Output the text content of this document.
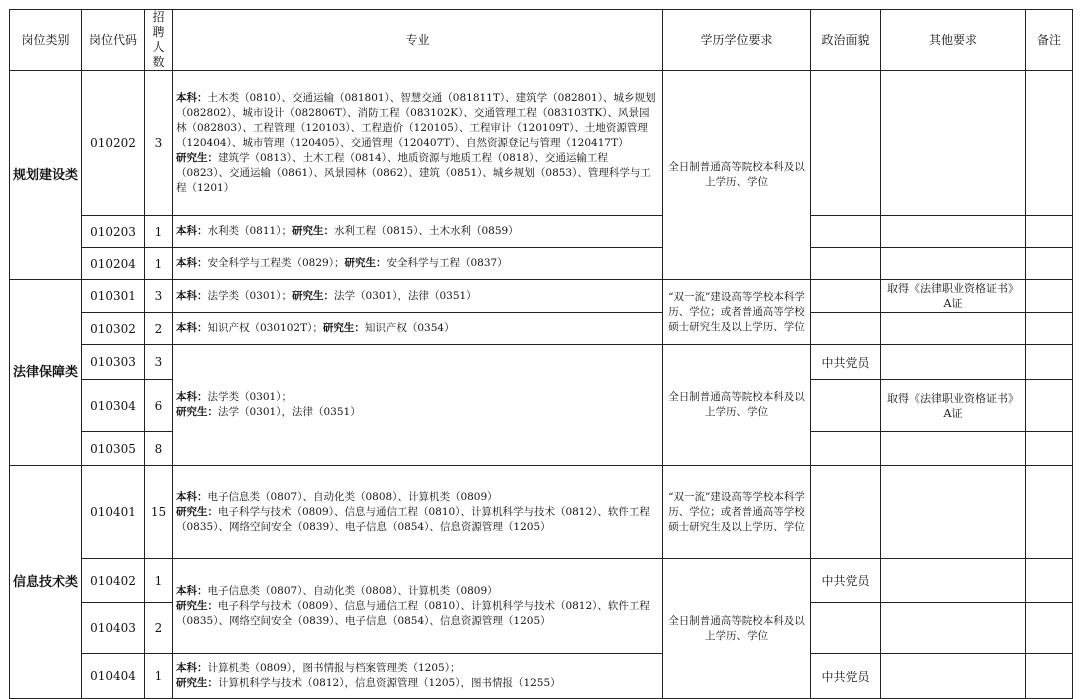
岗位类别	岗位代码	招聘人数	专业	学历学位要求	政治面貌	其他要求	备注
规划建设类	010202	3	本科：土木类（0810）、交通运输（081801）、智慧交通（081811T）、建筑学（082801）、城乡规划（082802）、城市设计（082806T）、消防工程（083102K）、交通管理工程（083103TK）、风景园林（082803）、工程管理（120103）、工程造价（120105）、工程审计（120109T）、土地资源管理（120404）、城市管理（120405）、交通管理（120407T）、自然资源登记与管理（120417T）
研究生：建筑学（0813）、土木工程（0814）、地质资源与地质工程（0818）、交通运输工程（0823）、交通运输（0861）、风景园林（0862）、建筑（0851）、城乡规划（0853）、管理科学与工程（1201）	全日制普通高等院校本科及以上学历、学位			
	010203	1	本科：水利类（0811）；研究生：水利工程（0815）、土木水利（0859）				
	010204	1	本科：安全科学与工程类（0829）；研究生：安全科学与工程（0837）				
法律保障类	010301	3	本科：法学类（0301）；研究生：法学（0301），法律（0351）	“双一流”建设高等学校本科学历、学位；或者普通高等学校硕士研究生及以上学历、学位		取得《法律职业资格证书》A证	
	010302	2	本科：知识产权（030102T）；研究生：知识产权（0354）				
	010303	3	本科：法学类（0301）；
研究生：法学（0301），法律（0351）	全日制普通高等院校本科及以上学历、学位	中共党员		
	010304	6				取得《法律职业资格证书》A证	
	010305	8					
信息技术类	010401	15	本科：电子信息类（0807）、自动化类（0808）、计算机类（0809）
研究生：电子科学与技术（0809）、信息与通信工程（0810）、计算机科学与技术（0812）、软件工程（0835）、网络空间安全（0839）、电子信息（0854）、信息资源管理（1205）	“双一流”建设高等学校本科学历、学位；或者普通高等学校硕士研究生及以上学历、学位			
	010402	1	本科：电子信息类（0807）、自动化类（0808）、计算机类（0809）
研究生：电子科学与技术（0809）、信息与通信工程（0810）、计算机科学与技术（0812）、软件工程（0835）、网络空间安全（0839）、电子信息（0854）、信息资源管理（1205）	全日制普通高等院校本科及以上学历、学位	中共党员		
	010403	2					
	010404	1	本科：计算机类（0809），图书情报与档案管理类（1205）；
研究生：计算机科学与技术（0812），信息资源管理（1205），图书情报（1255）		中共党员		
